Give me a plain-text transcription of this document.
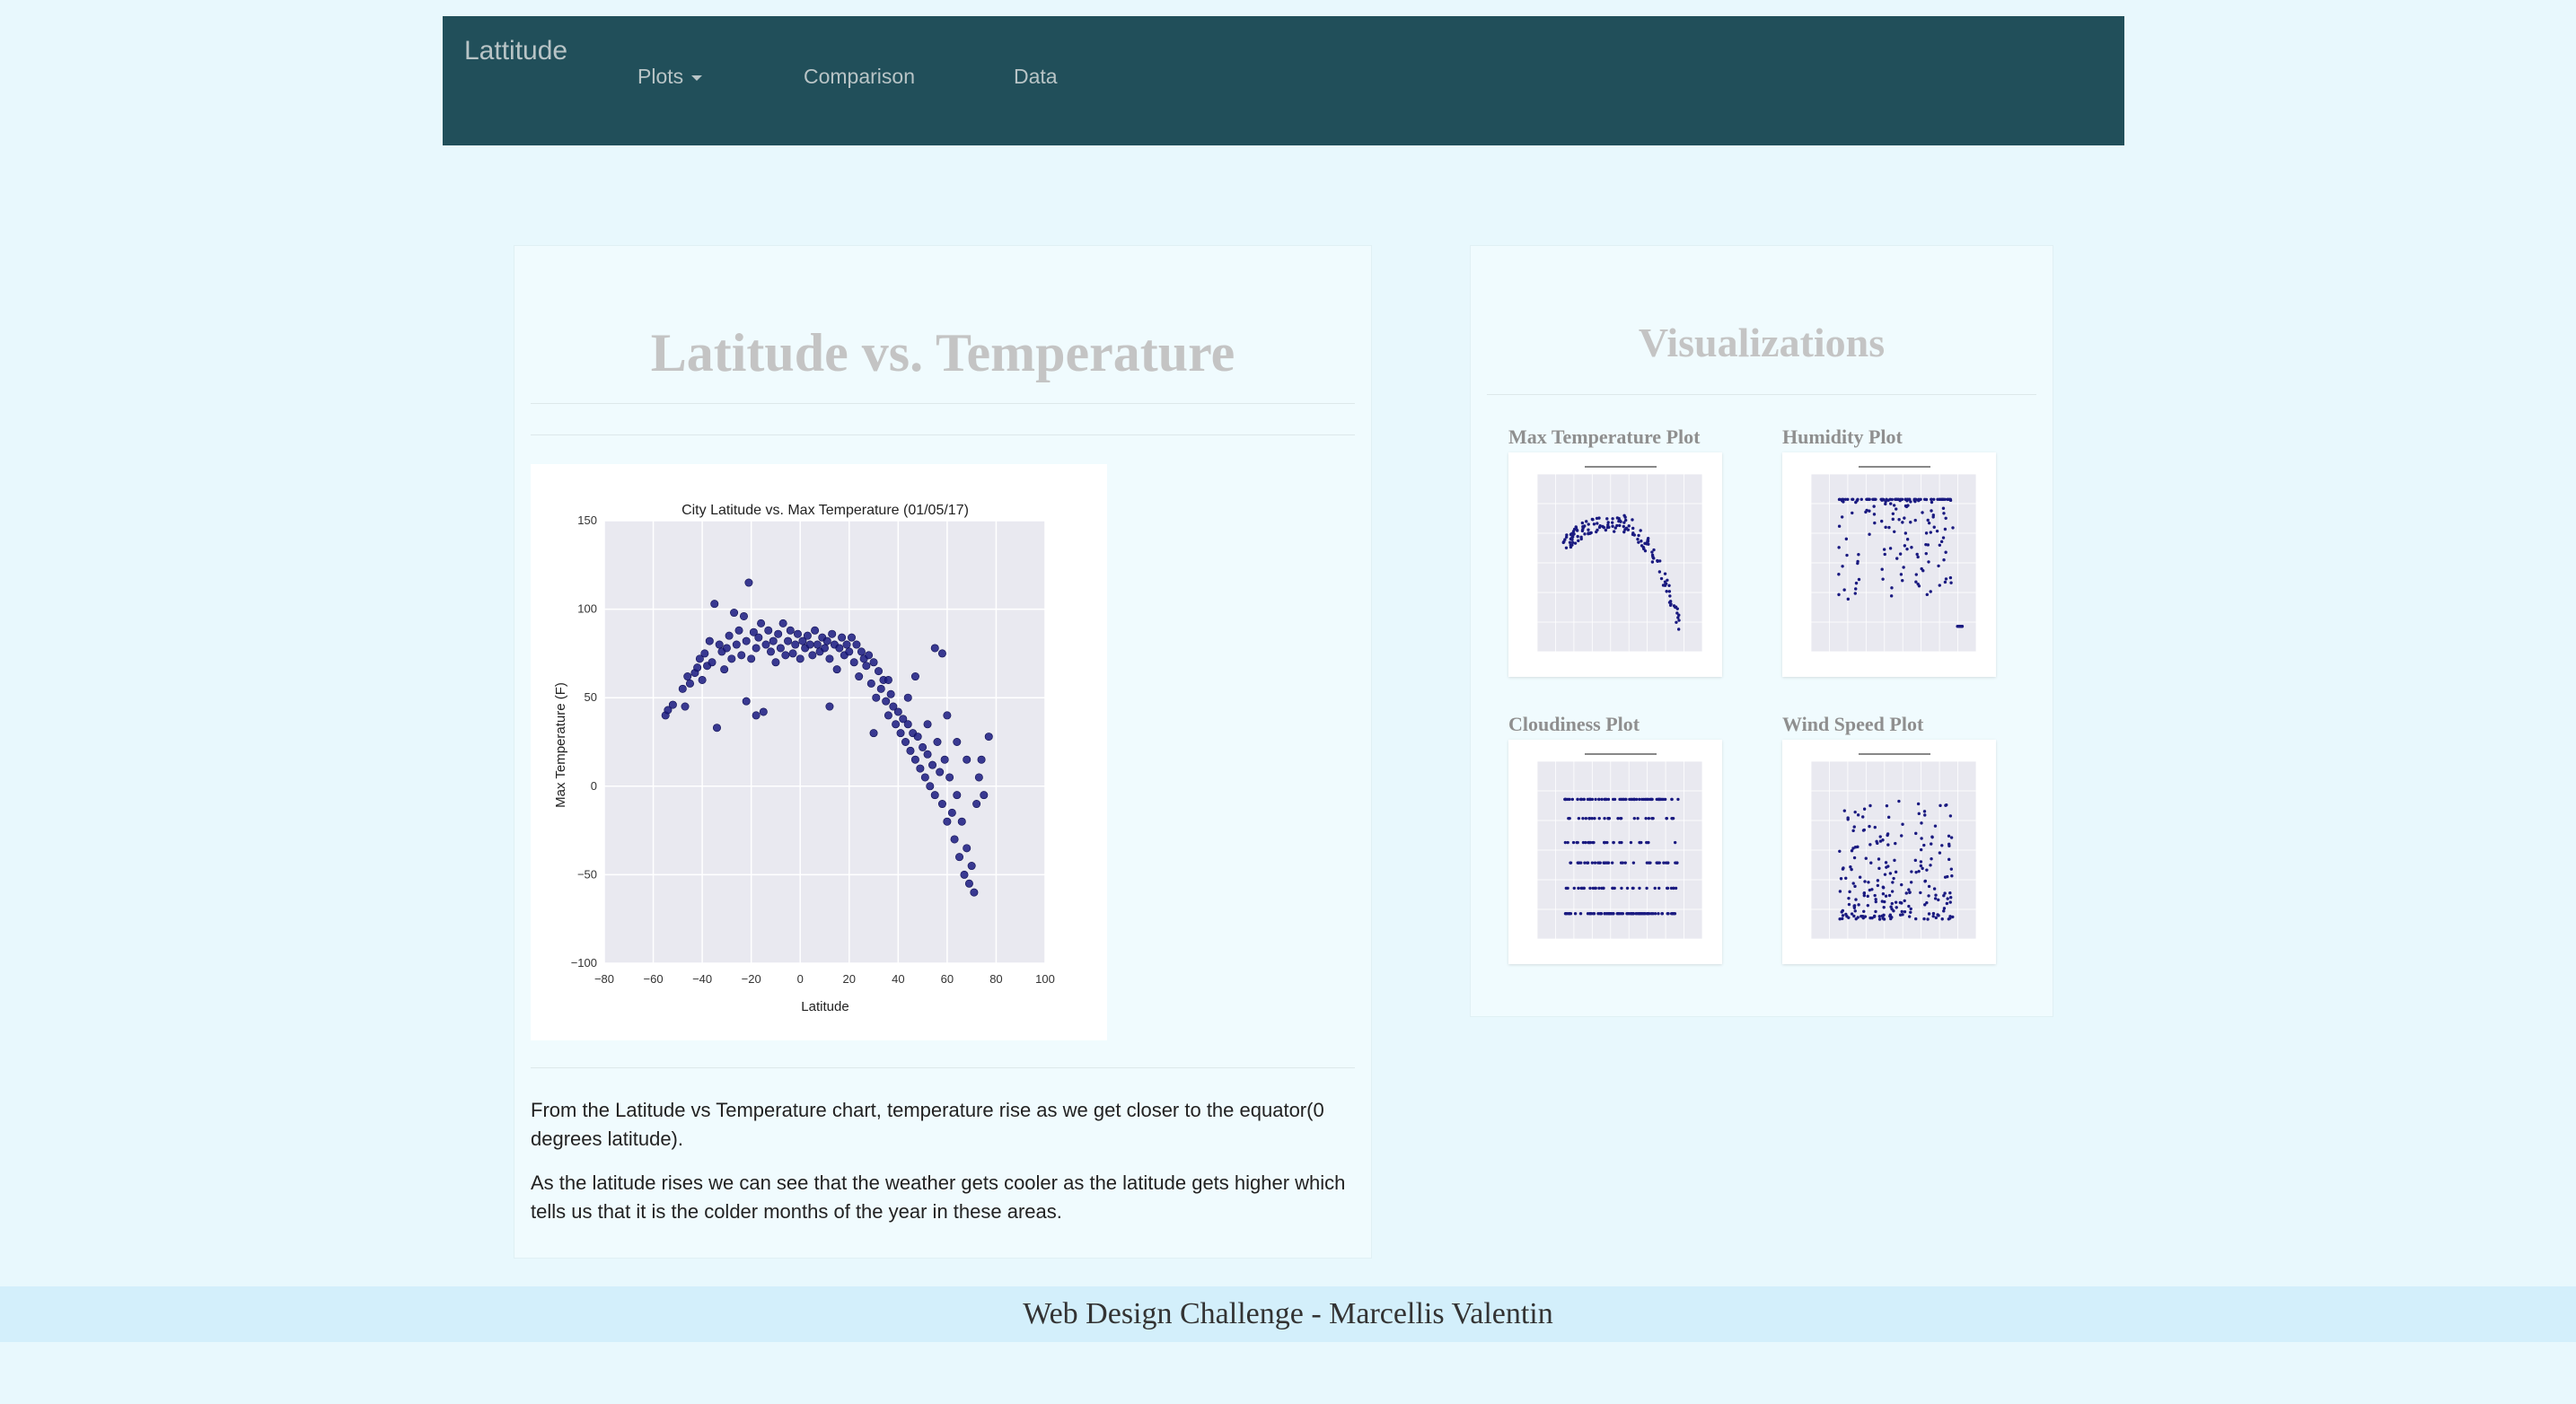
Lattitude
Plots	Comparison	Data
Latitude vs. Temperature
−80 −60 −40 −20	0	20	40	60	80	100
−100
−50
0
50
100
150
City Latitude vs. Max Temperature (01/05/17)
Latitude
Max Temperature (F)

From the Latitude vs Temperature chart, temperature rise as we get closer to the equator(0 degrees latitude).

As the latitude rises we can see that the weather gets cooler as the latitude gets higher which tells us that it is the colder months of the year in these areas.

Visualizations
Max Temperature Plot	Humidity Plot
Cloudiness Plot	Wind Speed Plot
Web Design Challenge - Marcellis Valentin
